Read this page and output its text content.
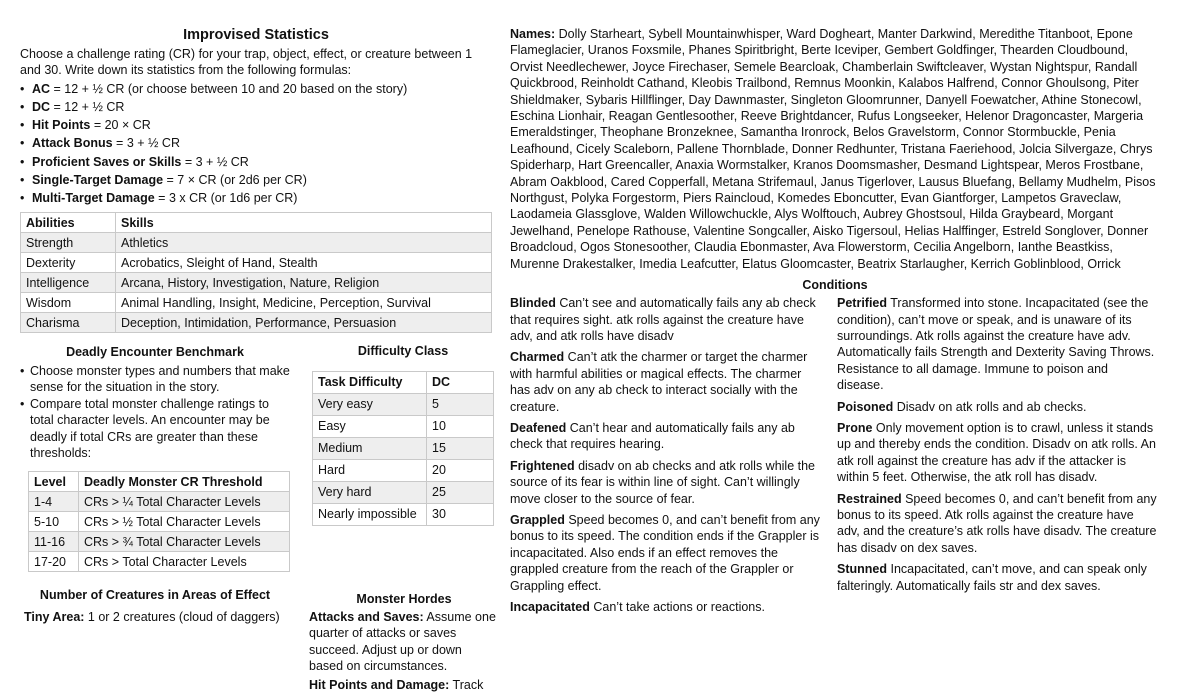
Improvised Statistics

Choose a challenge rating (CR) for your trap, object, effect, or creature between 1 and 30. Write down its statistics from the following formulas:

• AC = 12 + ½ CR (or choose between 10 and 20 based on the story)
• DC = 12 + ½ CR
• Hit Points = 20 × CR
• Attack Bonus = 3 + ½ CR
• Proficient Saves or Skills = 3 + ½ CR
• Single-Target Damage = 7 × CR (or 2d6 per CR)
• Multi-Target Damage = 3 x CR (or 1d6 per CR)
Abilities	Skills
Strength	Athletics
Dexterity	Acrobatics, Sleight of Hand, Stealth
Intelligence	Arcana, History, Investigation, Nature, Religion
Wisdom	Animal Handling, Insight, Medicine, Perception, Survival
Charisma	Deception, Intimidation, Performance, Persuasion
Deadly Encounter Benchmark
• Choose monster types and numbers that make sense for the situation in the story.
• Compare total monster challenge ratings to total character levels. An encounter may be deadly if total CRs are greater than these thresholds:
Level	Deadly Monster CR Threshold
1-4	CRs > ¼ Total Character Levels
5-10	CRs > ½ Total Character Levels
11-16	CRs > ¾ Total Character Levels
17-20	CRs > Total Character Levels
Difficulty Class
Task Difficulty	DC
Very easy	5
Easy	10
Medium	15
Hard	20
Very hard	25
Nearly impossible	30
Number of Creatures in Areas of Effect

Tiny Area: 1 or 2 creatures (cloud of daggers)

Monster Hordes

Attacks and Saves: Assume one quarter of attacks or saves succeed. Adjust up or down based on circumstances.

Hit Points and Damage: Track

Names: Dolly Starheart, Sybell Mountainwhisper, Ward Dogheart, Manter Darkwind, Meredithe Titanboot, Epone Flameglacier, Uranos Foxsmile, Phanes Spiritbright, Berte Iceviper, Gembert Goldfinger, Thearden Cloudbound, Orvist Needlechewer, Joyce Firechaser, Semele Bearcloak, Chamberlain Swiftcleaver, Wystan Nightspur, Randall Quickbrood, Reinholdt Cathand, Kleobis Trailbond, Remnus Moonkin, Kalabos Halfrend, Connor Ghoulsong, Piter Shieldmaker, Sybaris Hillflinger, Day Dawnmaster, Singleton Gloomrunner, Danyell Foewatcher, Athine Stonecowl, Eschina Lionhair, Reagan Gentlesoother, Reeve Brightdancer, Rufus Longseeker, Helenor Dragoncaster, Margeria Emeraldstinger, Theophane Bronzeknee, Samantha Ironrock, Belos Gravelstorm, Connor Stormbuckle, Penia Leafhound, Cicely Scaleborn, Pallene Thornblade, Donner Redhunter, Tristana Faeriehood, Jolcia Silvergaze, Chrys Spiderharp, Hart Greencaller, Anaxia Wormstalker, Kranos Doomsmasher, Desmand Lightspear, Meros Frostbane, Abram Oakblood, Cared Copperfall, Metana Strifemaul, Janus Tigerlover, Lausus Bluefang, Bellamy Mudhelm, Pisos Northgust, Polyka Forgestorm, Piers Raincloud, Komedes Eboncutter, Evan Giantforger, Lampetos Graveclaw, Laodameia Glassglove, Walden Willowchuckle, Alys Wolftouch, Aubrey Ghostsoul, Hilda Graybeard, Morgant Jewelhand, Penelope Rathouse, Valentine Songcaller, Aisko Tigersoul, Helias Halffinger, Estreld Songlover, Donner Broadcloud, Ogos Stonesoother, Claudia Ebonmaster, Ava Flowerstorm, Cecilia Angelborn, Ianthe Beastkiss, Murenne Drakestalker, Imedia Leafcutter, Elatus Gloomcaster, Beatrix Starlaugher, Kerrich Goblinblood, Orrick

Conditions

Blinded Can’t see and automatically fails any ab check that requires sight. atk rolls against the creature have adv, and atk rolls have disadv

Charmed Can’t atk the charmer or target the charmer with harmful abilities or magical effects. The charmer has adv on any ab check to interact socially with the creature.

Deafened Can’t hear and automatically fails any ab check that requires hearing.

Frightened disadv on ab checks and atk rolls while the source of its fear is within line of sight. Can’t willingly move closer to the source of fear.

Grappled Speed becomes 0, and can’t benefit from any bonus to its speed. The condition ends if the Grappler is incapacitated. Also ends if an effect removes the grappled creature from the reach of the Grappler or Grappling effect.

Incapacitated Can’t take actions or reactions.

Petrified Transformed into stone. Incapacitated (see the condition), can’t move or speak, and is unaware of its surroundings. Atk rolls against the creature have adv. Automatically fails Strength and Dexterity Saving Throws. Resistance to all damage. Immune to poison and disease.

Poisoned Disadv on atk rolls and ab checks.

Prone Only movement option is to crawl, unless it stands up and thereby ends the condition. Disadv on atk rolls. An atk roll against the creature has adv if the attacker is within 5 feet. Otherwise, the atk roll has disadv.

Restrained Speed becomes 0, and can’t benefit from any bonus to its speed. Atk rolls against the creature have adv, and the creature’s atk rolls have disadv. The creature has disadv on dex saves.

Stunned Incapacitated, can’t move, and can speak only falteringly. Automatically fails str and dex saves.
